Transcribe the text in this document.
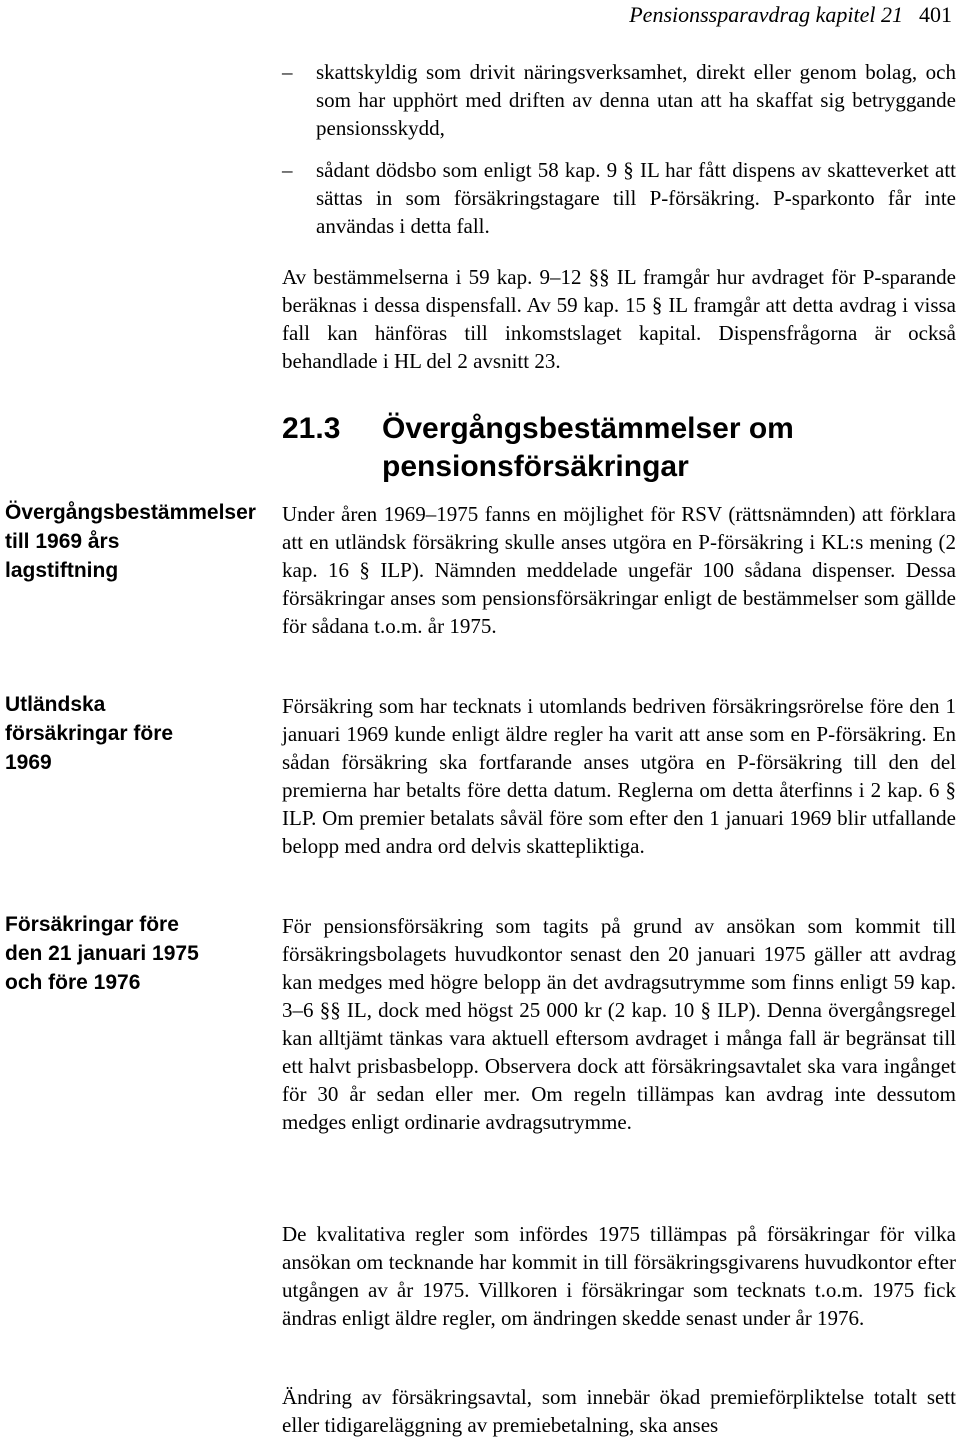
Pensionssparavdrag kapitel 21 401
– skattskyldig som drivit näringsverksamhet, direkt eller genom bolag, och som har upphört med driften av denna utan att ha skaffat sig betryggande pensionsskydd,

– sådant dödsbo som enligt 58 kap. 9 § IL har fått dispens av skatteverket att sättas in som försäkringstagare till P-försäkring. P-sparkonto får inte användas i detta fall.

Av bestämmelserna i 59 kap. 9–12 §§ IL framgår hur avdraget för P-sparande beräknas i dessa dispensfall. Av 59 kap. 15 § IL framgår att detta avdrag i vissa fall kan hänföras till inkomstslaget kapital. Dispensfrågorna är också behandlade i HL del 2 avsnitt 23.

21.3 Övergångsbestämmelser om pensionsförsäkringar
Övergångsbestämmelser till 1969 års lagstiftning
Utländska försäkringar före 1969
Försäkringar före den 21 januari 1975 och före 1976

Under åren 1969–1975 fanns en möjlighet för RSV (rättsnämnden) att förklara att en utländsk försäkring skulle anses utgöra en P-försäkring i KL:s mening (2 kap. 16 § ILP). Nämnden meddelade ungefär 100 sådana dispenser. Dessa försäkringar anses som pensionsförsäkringar enligt de bestämmelser som gällde för sådana t.o.m. år 1975.

Försäkring som har tecknats i utomlands bedriven försäkringsrörelse före den 1 januari 1969 kunde enligt äldre regler ha varit att anse som en P-försäkring. En sådan försäkring ska fortfarande anses utgöra en P-försäkring till den del premierna har betalts före detta datum. Reglerna om detta återfinns i 2 kap. 6 § ILP. Om premier betalats såväl före som efter den 1 januari 1969 blir utfallande belopp med andra ord delvis skattepliktiga.

För pensionsförsäkring som tagits på grund av ansökan som kommit till försäkringsbolagets huvudkontor senast den 20 januari 1975 gäller att avdrag kan medges med högre belopp än det avdragsutrymme som finns enligt 59 kap. 3–6 §§ IL, dock med högst 25 000 kr (2 kap. 10 § ILP). Denna övergångsregel kan alltjämt tänkas vara aktuell eftersom avdraget i många fall är begränsat till ett halvt prisbasbelopp. Observera dock att försäkringsavtalet ska vara ingånget för 30 år sedan eller mer. Om regeln tillämpas kan avdrag inte dessutom medges enligt ordinarie avdragsutrymme.

De kvalitativa regler som infördes 1975 tillämpas på försäkringar för vilka ansökan om tecknande har kommit in till försäkringsgivarens huvudkontor efter utgången av år 1975. Villkoren i försäkringar som tecknats t.o.m. 1975 fick ändras enligt äldre regler, om ändringen skedde senast under år 1976.

Ändring av försäkringsavtal, som innebär ökad premieförpliktelse totalt sett eller tidigareläggning av premiebetalning, ska anses
